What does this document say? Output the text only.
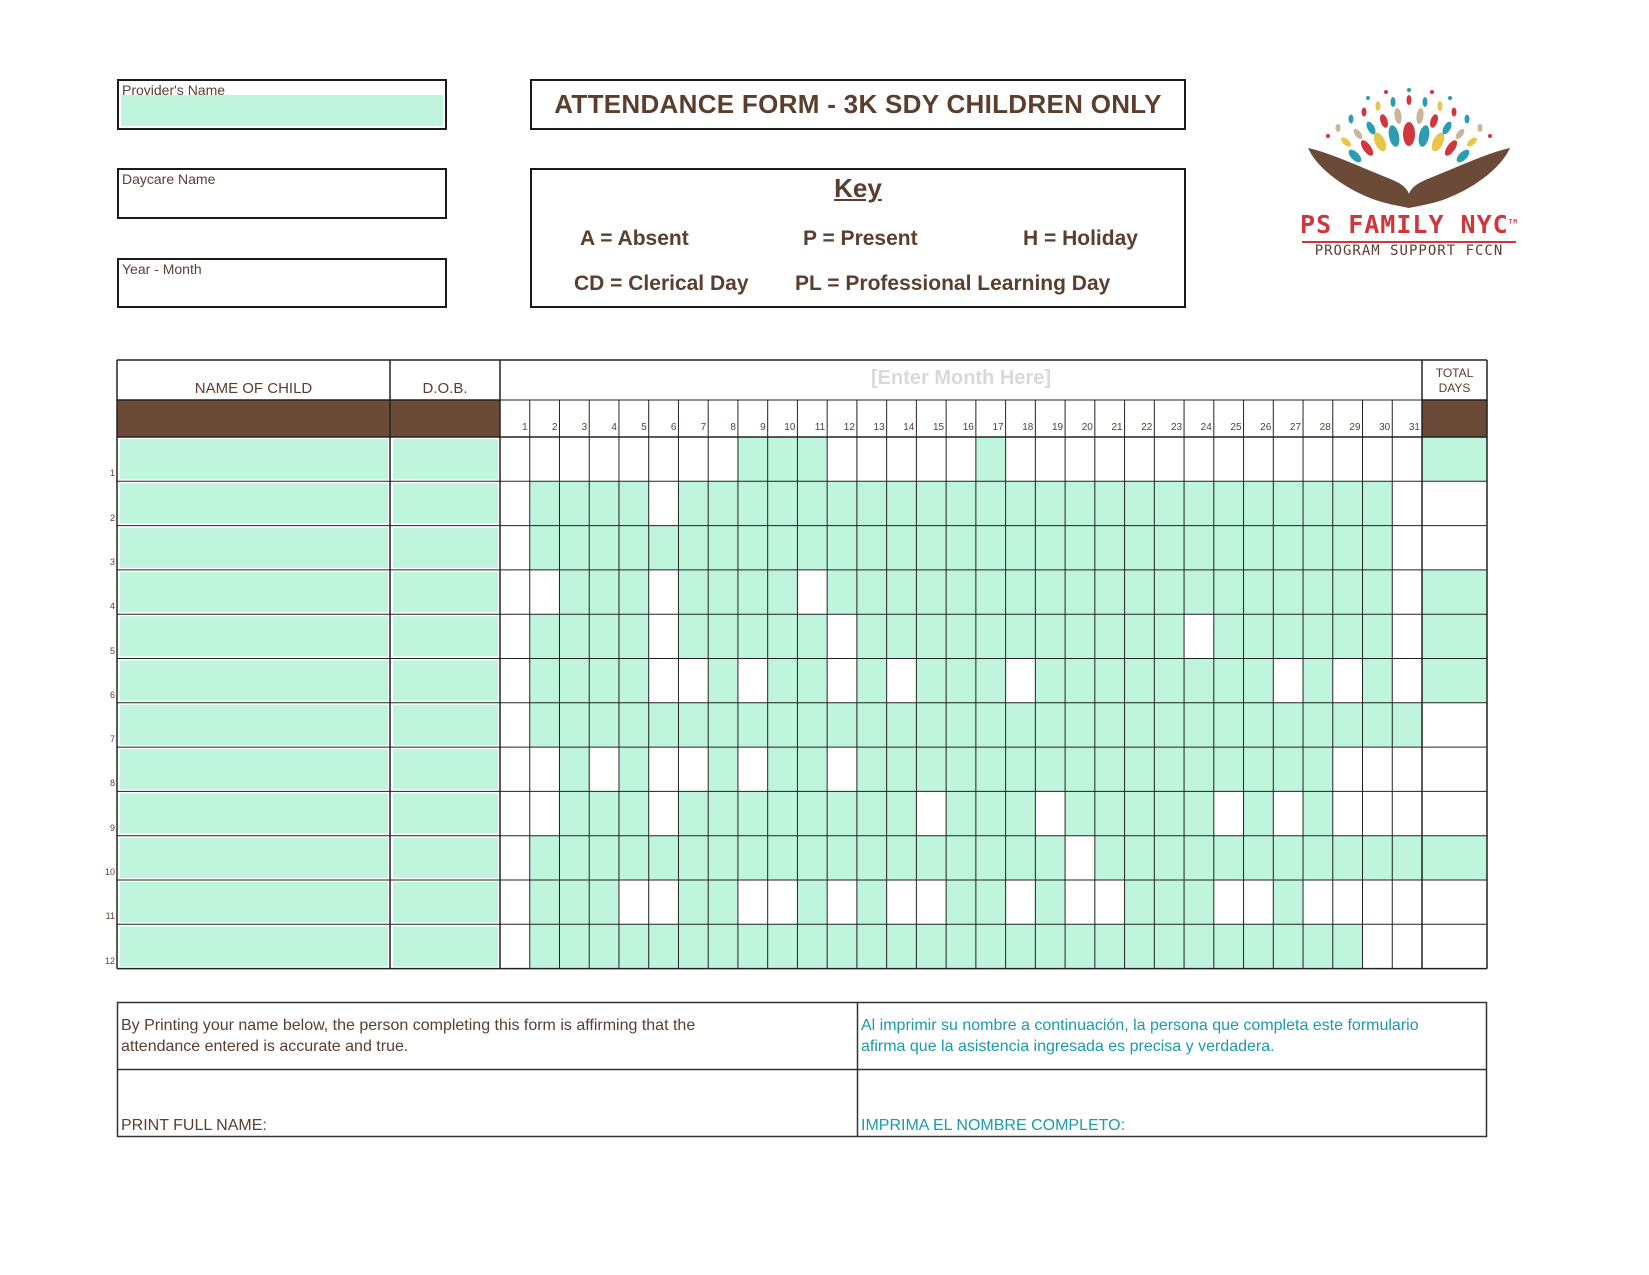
Provider's Name
Daycare Name
Year - Month
ATTENDANCE FORM - 3K SDY CHILDREN ONLY
Key
A = Absent	P = Present	H = Holiday
CD = Clerical Day PL = Professional Learning Day
PS FAMILY NYC™
PROGRAM SUPPORT FCCN
NAME OF CHILD	D.O.B.	[Enter Month Here]	TOTAL
DAYS
1	2	3	4	5	6	7	8	9	10	11	12	13	14	15	16	17	18	19	20	21	22	23	24	25	26	27	28	29	30	31
1
2
3
4
5
6
7
8
9
10
11
12
By Printing your name below, the person completing this form is affirming that the attendance entered is accurate and true.
Al imprimir su nombre a continuación, la persona que completa este formulario afirma que la asistencia ingresada es precisa y verdadera.
PRINT FULL NAME:	IMPRIMA EL NOMBRE COMPLETO:
